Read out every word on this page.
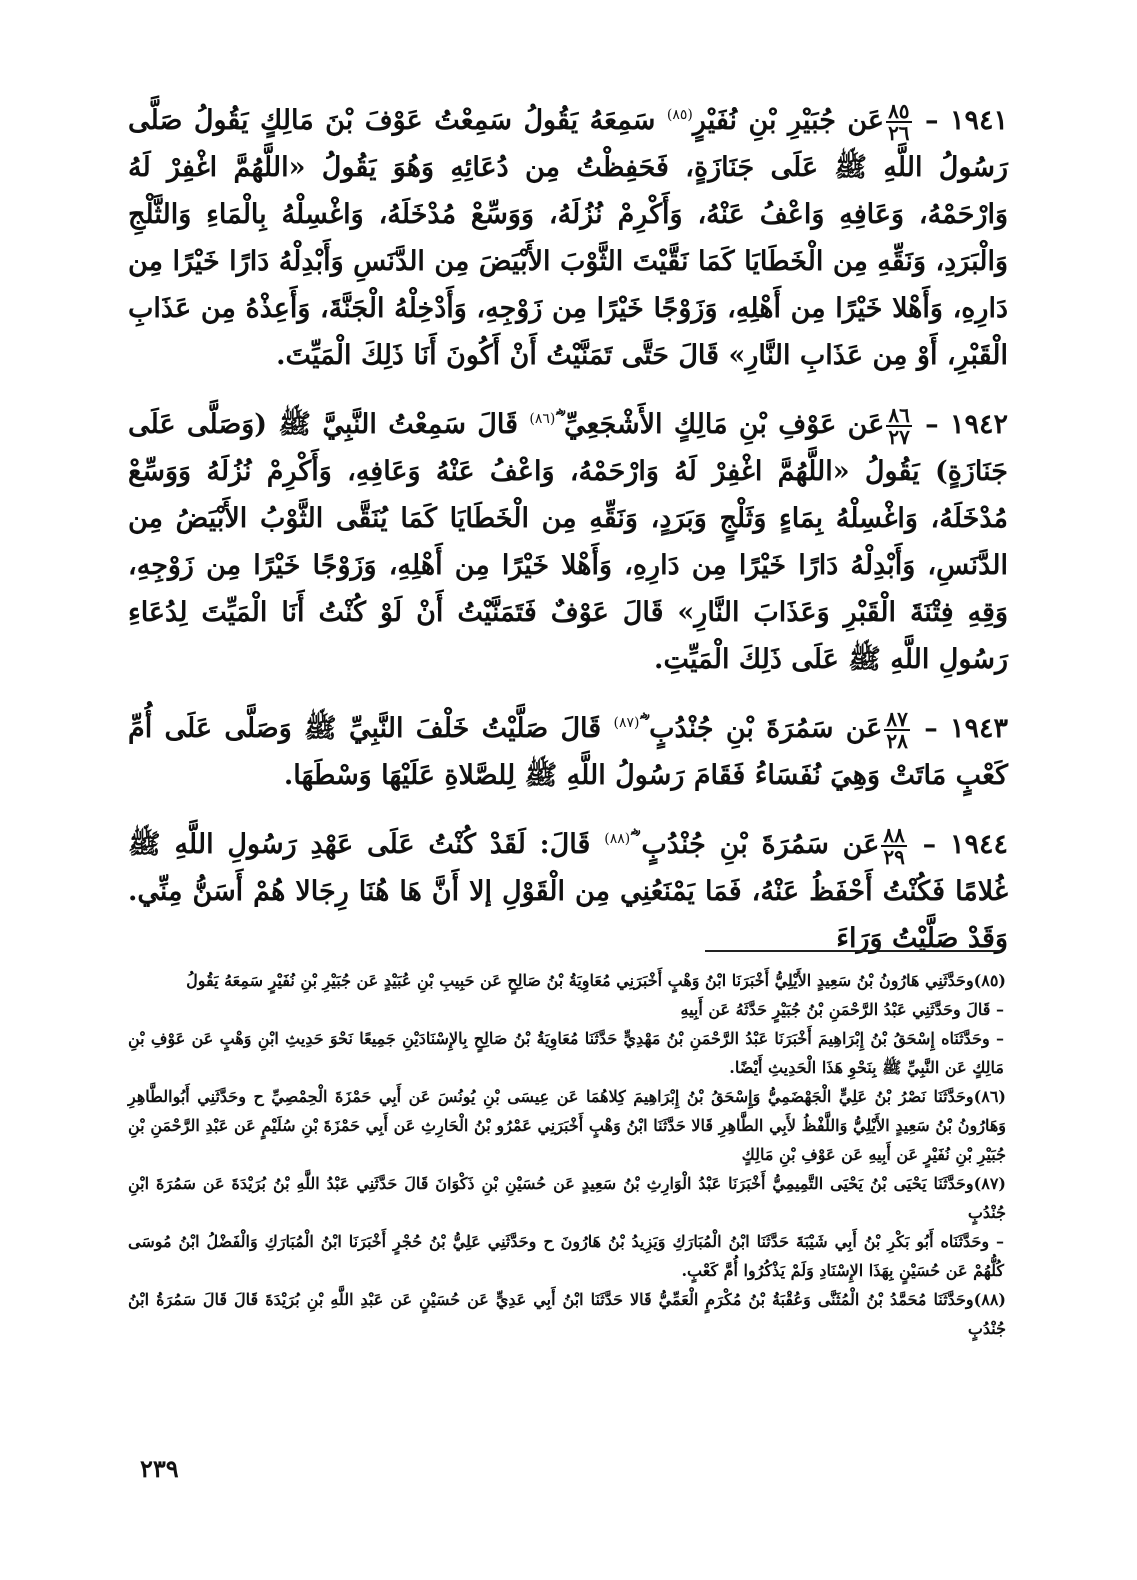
١٩٤١ –
$\frac{٨٥}{٢٦}$
عَن جُبَيْرِ بْنِ نُفَيْرٍ$^{(٨٥)}$ سَمِعَهُ يَقُولُ سَمِعْتُ عَوْفَ بْنَ مَالِكٍ يَقُولُ صَلَّى رَسُولُ اللَّهِ ﷺ عَلَى جَنَازَةٍ، فَحَفِظْتُ مِن دُعَائِهِ وَهُوَ يَقُولُ «اللَّهُمَّ اغْفِرْ لَهُ وَارْحَمْهُ، وَعَافِهِ وَاعْفُ عَنْهُ، وَأَكْرِمْ نُزُلَهُ، وَوَسِّعْ مُدْخَلَهُ، وَاغْسِلْهُ بِالْمَاءِ وَالثَّلْجِ وَالْبَرَدِ، وَنَقِّهِ مِن الْخَطَايَا كَمَا نَقَّيْتَ الثَّوْبَ الأَبْيَضَ مِن الدَّنَسِ وَأَبْدِلْهُ دَارًا خَيْرًا مِن دَارِهِ، وَأَهْلا خَيْرًا مِن أَهْلِهِ، وَزَوْجًا خَيْرًا مِن زَوْجِهِ، وَأَدْخِلْهُ الْجَنَّةَ، وَأَعِذْهُ مِن عَذَابِ الْقَبْرِ، أَوْ مِن عَذَابِ النَّارِ» قَالَ حَتَّى تَمَنَّيْتُ أَنْ أَكُونَ أَنَا ذَلِكَ الْمَيِّتَ.

١٩٤٢ –
$\frac{٨٦}{٢٧}$
عَن عَوْفِ بْنِ مَالِكٍ الأَشْجَعِيِّ ؓ$^{(٨٦)}$ قَالَ سَمِعْتُ النَّبِيَّ ﷺ (وَصَلَّى عَلَى جَنَازَةٍ) يَقُولُ «اللَّهُمَّ اغْفِرْ لَهُ وَارْحَمْهُ، وَاعْفُ عَنْهُ وَعَافِهِ، وَأَكْرِمْ نُزُلَهُ وَوَسِّعْ مُدْخَلَهُ، وَاغْسِلْهُ بِمَاءٍ وَثَلْجٍ وَبَرَدٍ، وَنَقِّهِ مِن الْخَطَايَا كَمَا يُنَقَّى الثَّوْبُ الأَبْيَضُ مِن الدَّنَسِ، وَأَبْدِلْهُ دَارًا خَيْرًا مِن دَارِهِ، وَأَهْلا خَيْرًا مِن أَهْلِهِ، وَزَوْجًا خَيْرًا مِن زَوْجِهِ، وَقِهِ فِتْنَةَ الْقَبْرِ وَعَذَابَ النَّارِ» قَالَ عَوْفٌ فَتَمَنَّيْتُ أَنْ لَوْ كُنْتُ أَنَا الْمَيِّتَ لِدُعَاءِ رَسُولِ اللَّهِ ﷺ عَلَى ذَلِكَ الْمَيِّتِ.

١٩٤٣ –
$\frac{٨٧}{٢٨}$
عَن سَمُرَةَ بْنِ جُنْدُبٍ ؓ$^{(٨٧)}$ قَالَ صَلَّيْتُ خَلْفَ النَّبِيِّ ﷺ وَصَلَّى عَلَى أُمِّ كَعْبٍ مَاتَتْ وَهِيَ نُفَسَاءُ فَقَامَ رَسُولُ اللَّهِ ﷺ لِلصَّلاةِ عَلَيْهَا وَسْطَهَا.

١٩٤٤ –
$\frac{٨٨}{٢٩}$
عَن سَمُرَةَ بْنِ جُنْدُبٍ ؓ$^{(٨٨)}$ قَالَ: لَقَدْ كُنْتُ عَلَى عَهْدِ رَسُولِ اللَّهِ ﷺ غُلامًا فَكُنْتُ أَحْفَظُ عَنْهُ، فَمَا يَمْنَعُنِي مِن الْقَوْلِ إلا أَنَّ هَا هُنَا رِجَالا هُمْ أَسَنُّ مِنِّي. وَقَدْ صَلَّيْتُ وَرَاءَ

(٨٥)وحَدَّثَنِي هَارُونُ بْنُ سَعِيدٍ الأَيْلِيُّ أَخْبَرَنَا ابْنُ وَهْبٍ أَخْبَرَنِي مُعَاوِيَةُ بْنُ صَالِحٍ عَن حَبِيبِ بْنِ عُبَيْدٍ عَن جُبَيْرِ بْنِ نُفَيْرٍ سَمِعَهُ يَقُولُ

– قَالَ وحَدَّثَنِي عَبْدُ الرَّحْمَنِ بْنُ جُبَيْرٍ حَدَّثَهُ عَن أَبِيهِ

– وحَدَّثَنَاه إِسْحَقُ بْنُ إِبْرَاهِيمَ أَخْبَرَنَا عَبْدُ الرَّحْمَنِ بْنُ مَهْدِيٍّ حَدَّثَنَا مُعَاوِيَةُ بْنُ صَالِحٍ بِالإِسْنَادَيْنِ جَمِيعًا نَحْوَ حَدِيثِ ابْنِ وَهْبٍ عَن عَوْفِ بْنِ مَالِكٍ عَن النَّبِيِّ ﷺ بِنَحْوِ هَذَا الْحَدِيثِ أَيْضًا.

(٨٦)وحَدَّثَنَا نَصْرُ بْنُ عَلِيٍّ الْجَهْضَمِيُّ وَإِسْحَقُ بْنُ إِبْرَاهِيمَ كِلاهُمَا عَن عِيسَى بْنِ يُونُسَ عَن أَبِي حَمْزَةَ الْحِمْصِيِّ ح وحَدَّثَنِي أَبُوالطَّاهِرِ وَهَارُونُ بْنُ سَعِيدٍ الأَيْلِيُّ وَاللَّفْظُ لأَبِي الطَّاهِرِ قَالا حَدَّثَنَا ابْنُ وَهْبٍ أَخْبَرَنِي عَمْرُو بْنُ الْحَارِثِ عَن أَبِي حَمْزَةَ بْنِ سُلَيْمٍ عَن عَبْدِ الرَّحْمَنِ بْنِ جُبَيْرِ بْنِ نُفَيْرٍ عَن أَبِيهِ عَن عَوْفِ بْنِ مَالِكٍ

(٨٧)وحَدَّثَنَا يَحْيَى بْنُ يَحْيَى التَّمِيمِيُّ أَخْبَرَنَا عَبْدُ الْوَارِثِ بْنُ سَعِيدٍ عَن حُسَيْنِ بْنِ ذَكْوَانَ قَالَ حَدَّثَنِي عَبْدُ اللَّهِ بْنُ بُرَيْدَةَ عَن سَمُرَةَ ابْنِ جُنْدُبٍ

– وحَدَّثَنَاه أَبُو بَكْرِ بْنُ أَبِي شَيْبَةَ حَدَّثَنَا ابْنُ الْمُبَارَكِ وَيَزِيدُ بْنُ هَارُونَ ح وحَدَّثَنِي عَلِيُّ بْنُ حُجْرٍ أَخْبَرَنَا ابْنُ الْمُبَارَكِ وَالْفَضْلُ ابْنُ مُوسَى كُلُّهُمْ عَن حُسَيْنٍ بِهَذَا الإِسْنَادِ وَلَمْ يَذْكُرُوا أُمَّ كَعْبٍ.

(٨٨)وحَدَّثَنَا مُحَمَّدُ بْنُ الْمُثَنَّى وَعُقْبَةُ بْنُ مُكْرَمٍ الْعَمِّيُّ قَالا حَدَّثَنَا ابْنُ أَبِي عَدِيٍّ عَن حُسَيْنٍ عَن عَبْدِ اللَّهِ بْنِ بُرَيْدَةَ قَالَ قَالَ سَمُرَةُ ابْنُ جُنْدُبٍ

٢٣٩
